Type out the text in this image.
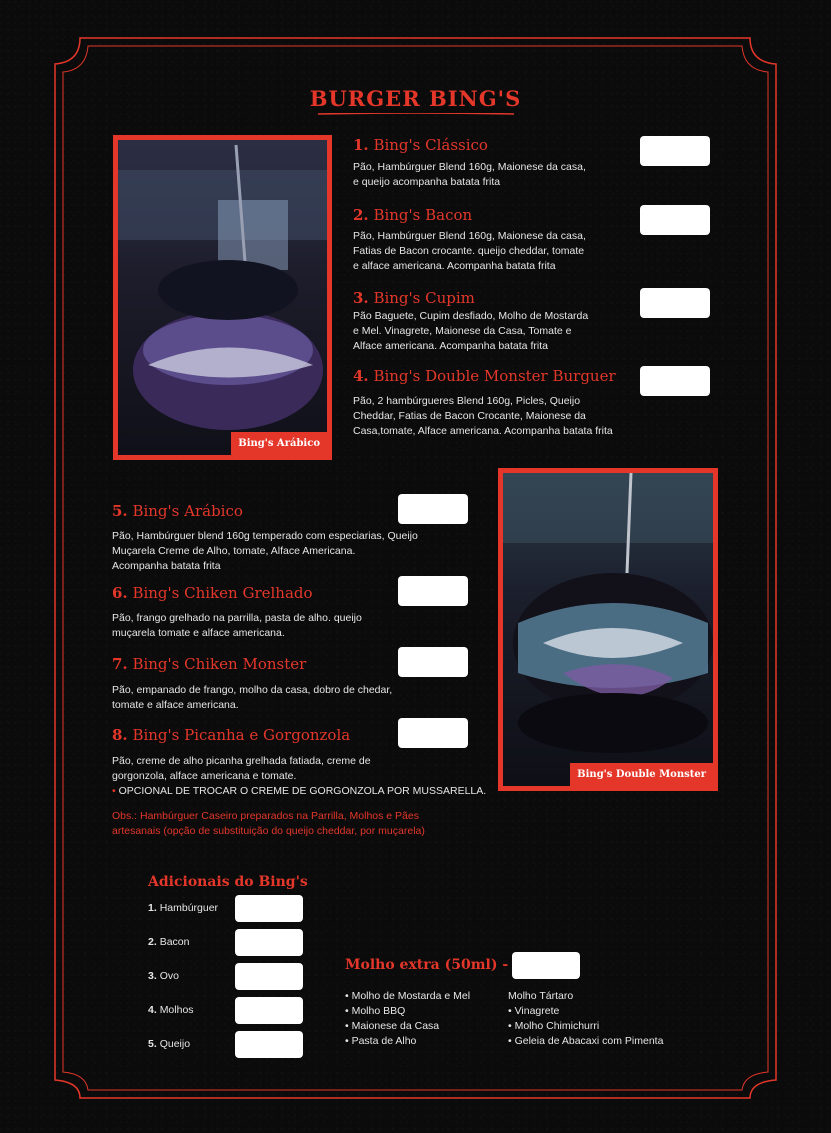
BURGER BING'S
Bing's Arábico
Bing's Double Monster
1. Bing's Clássico
Pão, Hambúrguer Blend 160g, Maionese da casa,
e queijo acompanha batata frita
2. Bing's Bacon
Pão, Hambúrguer Blend 160g, Maionese da casa,
Fatias de Bacon crocante. queijo cheddar, tomate
e alface americana. Acompanha batata frita
3. Bing's Cupim
Pão Baguete, Cupim desfiado, Molho de Mostarda
e Mel. Vinagrete, Maionese da Casa, Tomate e
Alface americana. Acompanha batata frita
4. Bing's Double Monster Burguer
Pão, 2 hambúrgueres Blend 160g, Picles, Queijo
Cheddar, Fatias de Bacon Crocante, Maionese da
Casa,tomate, Alface americana. Acompanha batata frita
5. Bing's Arábico
Pão, Hambúrguer blend 160g temperado com especiarias, Queijo
Muçarela Creme de Alho, tomate, Alface Americana.
Acompanha batata frita
6. Bing's Chiken Grelhado
Pão, frango grelhado na parrilla, pasta de alho. queijo
muçarela tomate e alface americana.
7. Bing's Chiken Monster
Pão, empanado de frango, molho da casa, dobro de chedar,
tomate e alface americana.
8. Bing's Picanha e Gorgonzola
Pão, creme de alho picanha grelhada fatiada, creme de
gorgonzola, alface americana e tomate.
• OPCIONAL DE TROCAR O CREME DE GORGONZOLA POR MUSSARELLA.
Obs.: Hambúrguer Caseiro preparados na Parrilla, Molhos e Pães
artesanais (opção de substituição do queijo cheddar, por muçarela)
Adicionais do Bing's
1. Hambúrguer
2. Bacon
3. Ovo
4. Molhos
5. Queijo
Molho extra (50ml) -
• Molho de Mostarda e Mel
• Molho BBQ
• Maionese da Casa
• Pasta de Alho
Molho Tártaro
• Vinagrete
• Molho Chimichurri
• Geleia de Abacaxi com Pimenta
